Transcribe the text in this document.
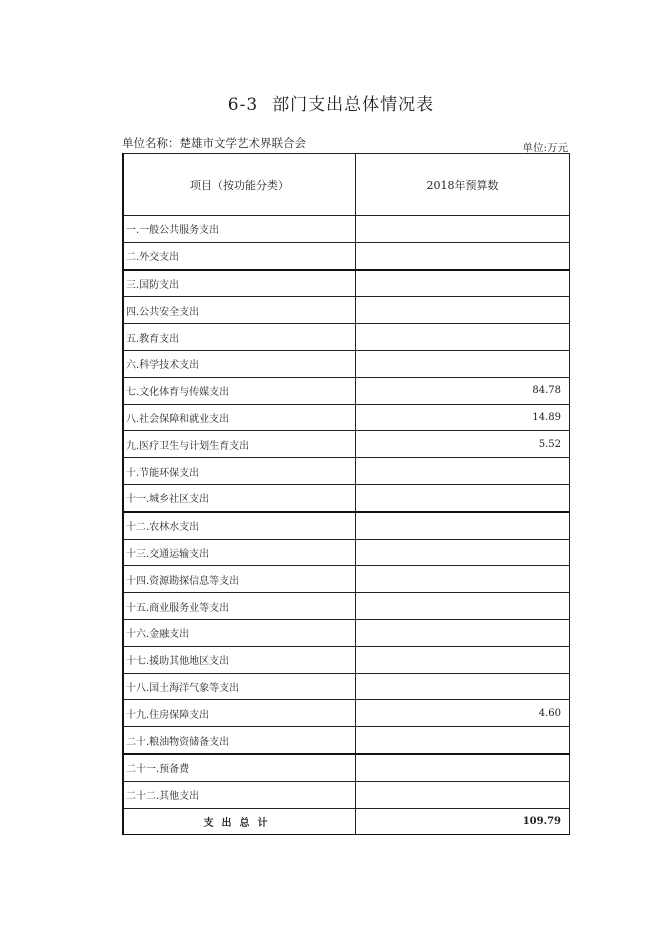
6-3 部门支出总体情况表
单位名称：楚雄市文学艺术界联合会	单位:万元
项目（按功能分类）	2018年预算数
一.一般公共服务支出	
二.外交支出	
三.国防支出	
四.公共安全支出	
五.教育支出	
六.科学技术支出	
七.文化体育与传媒支出	84.78
八.社会保障和就业支出	14.89
九.医疗卫生与计划生育支出	5.52
十.节能环保支出	
十一.城乡社区支出	
十二.农林水支出	
十三.交通运输支出	
十四.资源勘探信息等支出	
十五.商业服务业等支出	
十六.金融支出	
十七.援助其他地区支出	
十八.国土海洋气象等支出	
十九.住房保障支出	4.60
二十.粮油物资储备支出	
二十一.预备费	
二十二.其他支出	
支出总计	109.79
